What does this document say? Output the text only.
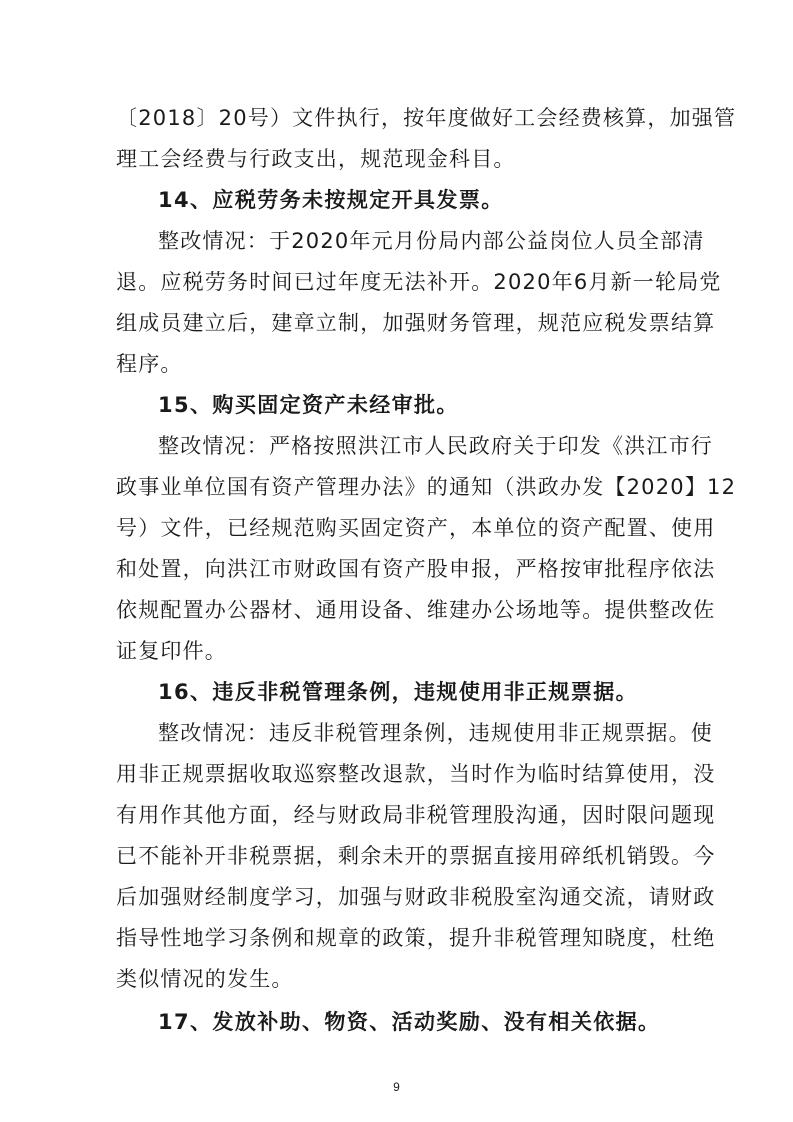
〔2018〕20号）文件执行，按年度做好工会经费核算，加强管
理工会经费与行政支出，规范现金科目。
14、应税劳务未按规定开具发票。
整改情况：于2020年元月份局内部公益岗位人员全部清
退。应税劳务时间已过年度无法补开。2020年6月新一轮局党
组成员建立后，建章立制，加强财务管理，规范应税发票结算
程序。
15、购买固定资产未经审批。
整改情况：严格按照洪江市人民政府关于印发《洪江市行
政事业单位国有资产管理办法》的通知（洪政办发【2020】12
号）文件，已经规范购买固定资产，本单位的资产配置、使用
和处置，向洪江市财政国有资产股申报，严格按审批程序依法
依规配置办公器材、通用设备、维建办公场地等。提供整改佐
证复印件。
16、违反非税管理条例，违规使用非正规票据。
整改情况：违反非税管理条例，违规使用非正规票据。使
用非正规票据收取巡察整改退款，当时作为临时结算使用，没
有用作其他方面，经与财政局非税管理股沟通，因时限问题现
已不能补开非税票据，剩余未开的票据直接用碎纸机销毁。今
后加强财经制度学习，加强与财政非税股室沟通交流，请财政
指导性地学习条例和规章的政策，提升非税管理知晓度，杜绝
类似情况的发生。
17、发放补助、物资、活动奖励、没有相关依据。
9
